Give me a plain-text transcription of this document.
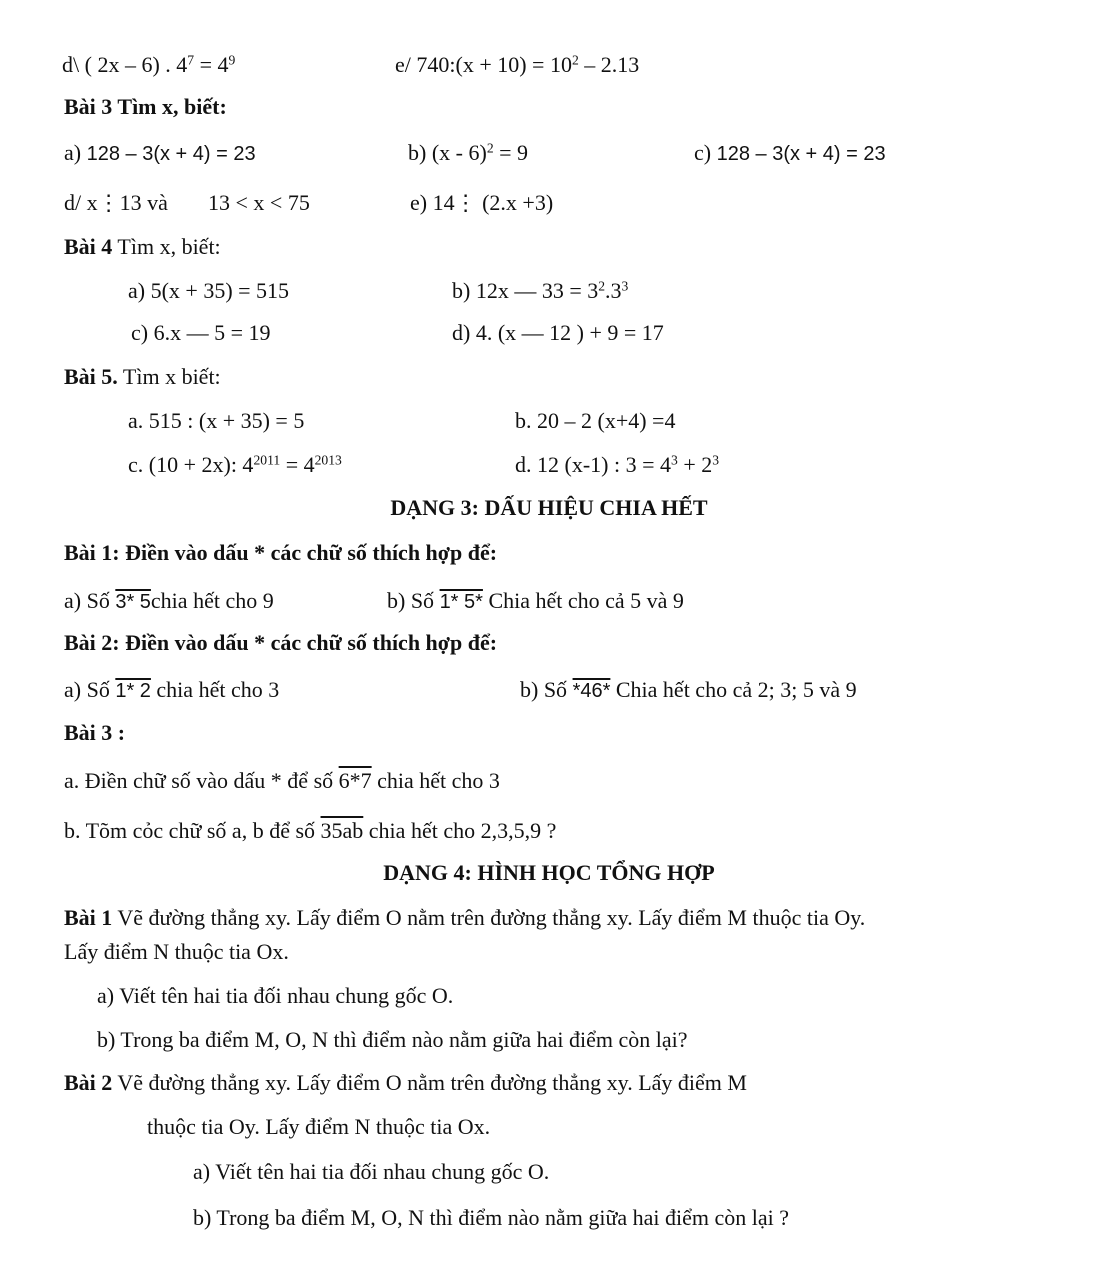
d\ ( 2x – 6) . $4^7 = 4^9$	e/ 740:(x + $10) = 10^2 - 2.13$
Bài 3 Tìm x, biết:
a) 128 – 3(x + 4) = 23	b) (x - 6)$^2$ = 9	c) 128 – 3(x + 4) = 23
d/ x⋮13 và 13 < x < 75	e) 14⋮ (2.x +3)
Bài 4 Tìm x, biết:
a) 5(x + 35) = 515	b) 12x — $33 = 3^2.3^3$
c) 6.x — 5 = 19	d) 4. (x — 12 ) + 9 = 17
Bài 5. Tìm x biết:
a. 515 : (x + 35) = 5	b. 20 – 2 (x+4) =4
c. (10 + 2x): $4^{2011} = 4^{2013}$	d. 12 (x-1) : $3 = 4^3 + 2^3$
DẠNG 3: DẤU HIỆU CHIA HẾT
Bài 1: Điền vào dấu * các chữ số thích hợp để:
a) Số 3* 5chia hết cho 9	b) Số 1* 5* Chia hết cho cả 5 và 9
Bài 2: Điền vào dấu * các chữ số thích hợp để:
a) Số 1* 2 chia hết cho 3	b) Số *46* Chia hết cho cả 2; 3; 5 và 9
Bài 3 :
a. Điền chữ số vào dấu * để số 6*7 chia hết cho 3
b. Tõm cỏc chữ số a, b để số 35ab chia hết cho 2,3,5,9 ?
DẠNG 4: HÌNH HỌC TỔNG HỢP
Bài 1 Vẽ đường thẳng xy. Lấy điểm O nằm trên đường thẳng xy. Lấy điểm M thuộc tia Oy.
Lấy điểm N thuộc tia Ox.
a) Viết tên hai tia đối nhau chung gốc O.
b) Trong ba điểm M, O, N thì điểm nào nằm giữa hai điểm còn lại?
Bài 2 Vẽ đường thẳng xy. Lấy điểm O nằm trên đường thẳng xy. Lấy điểm M
thuộc tia Oy. Lấy điểm N thuộc tia Ox.
a) Viết tên hai tia đối nhau chung gốc O.
b) Trong ba điểm M, O, N thì điểm nào nằm giữa hai điểm còn lại ?
